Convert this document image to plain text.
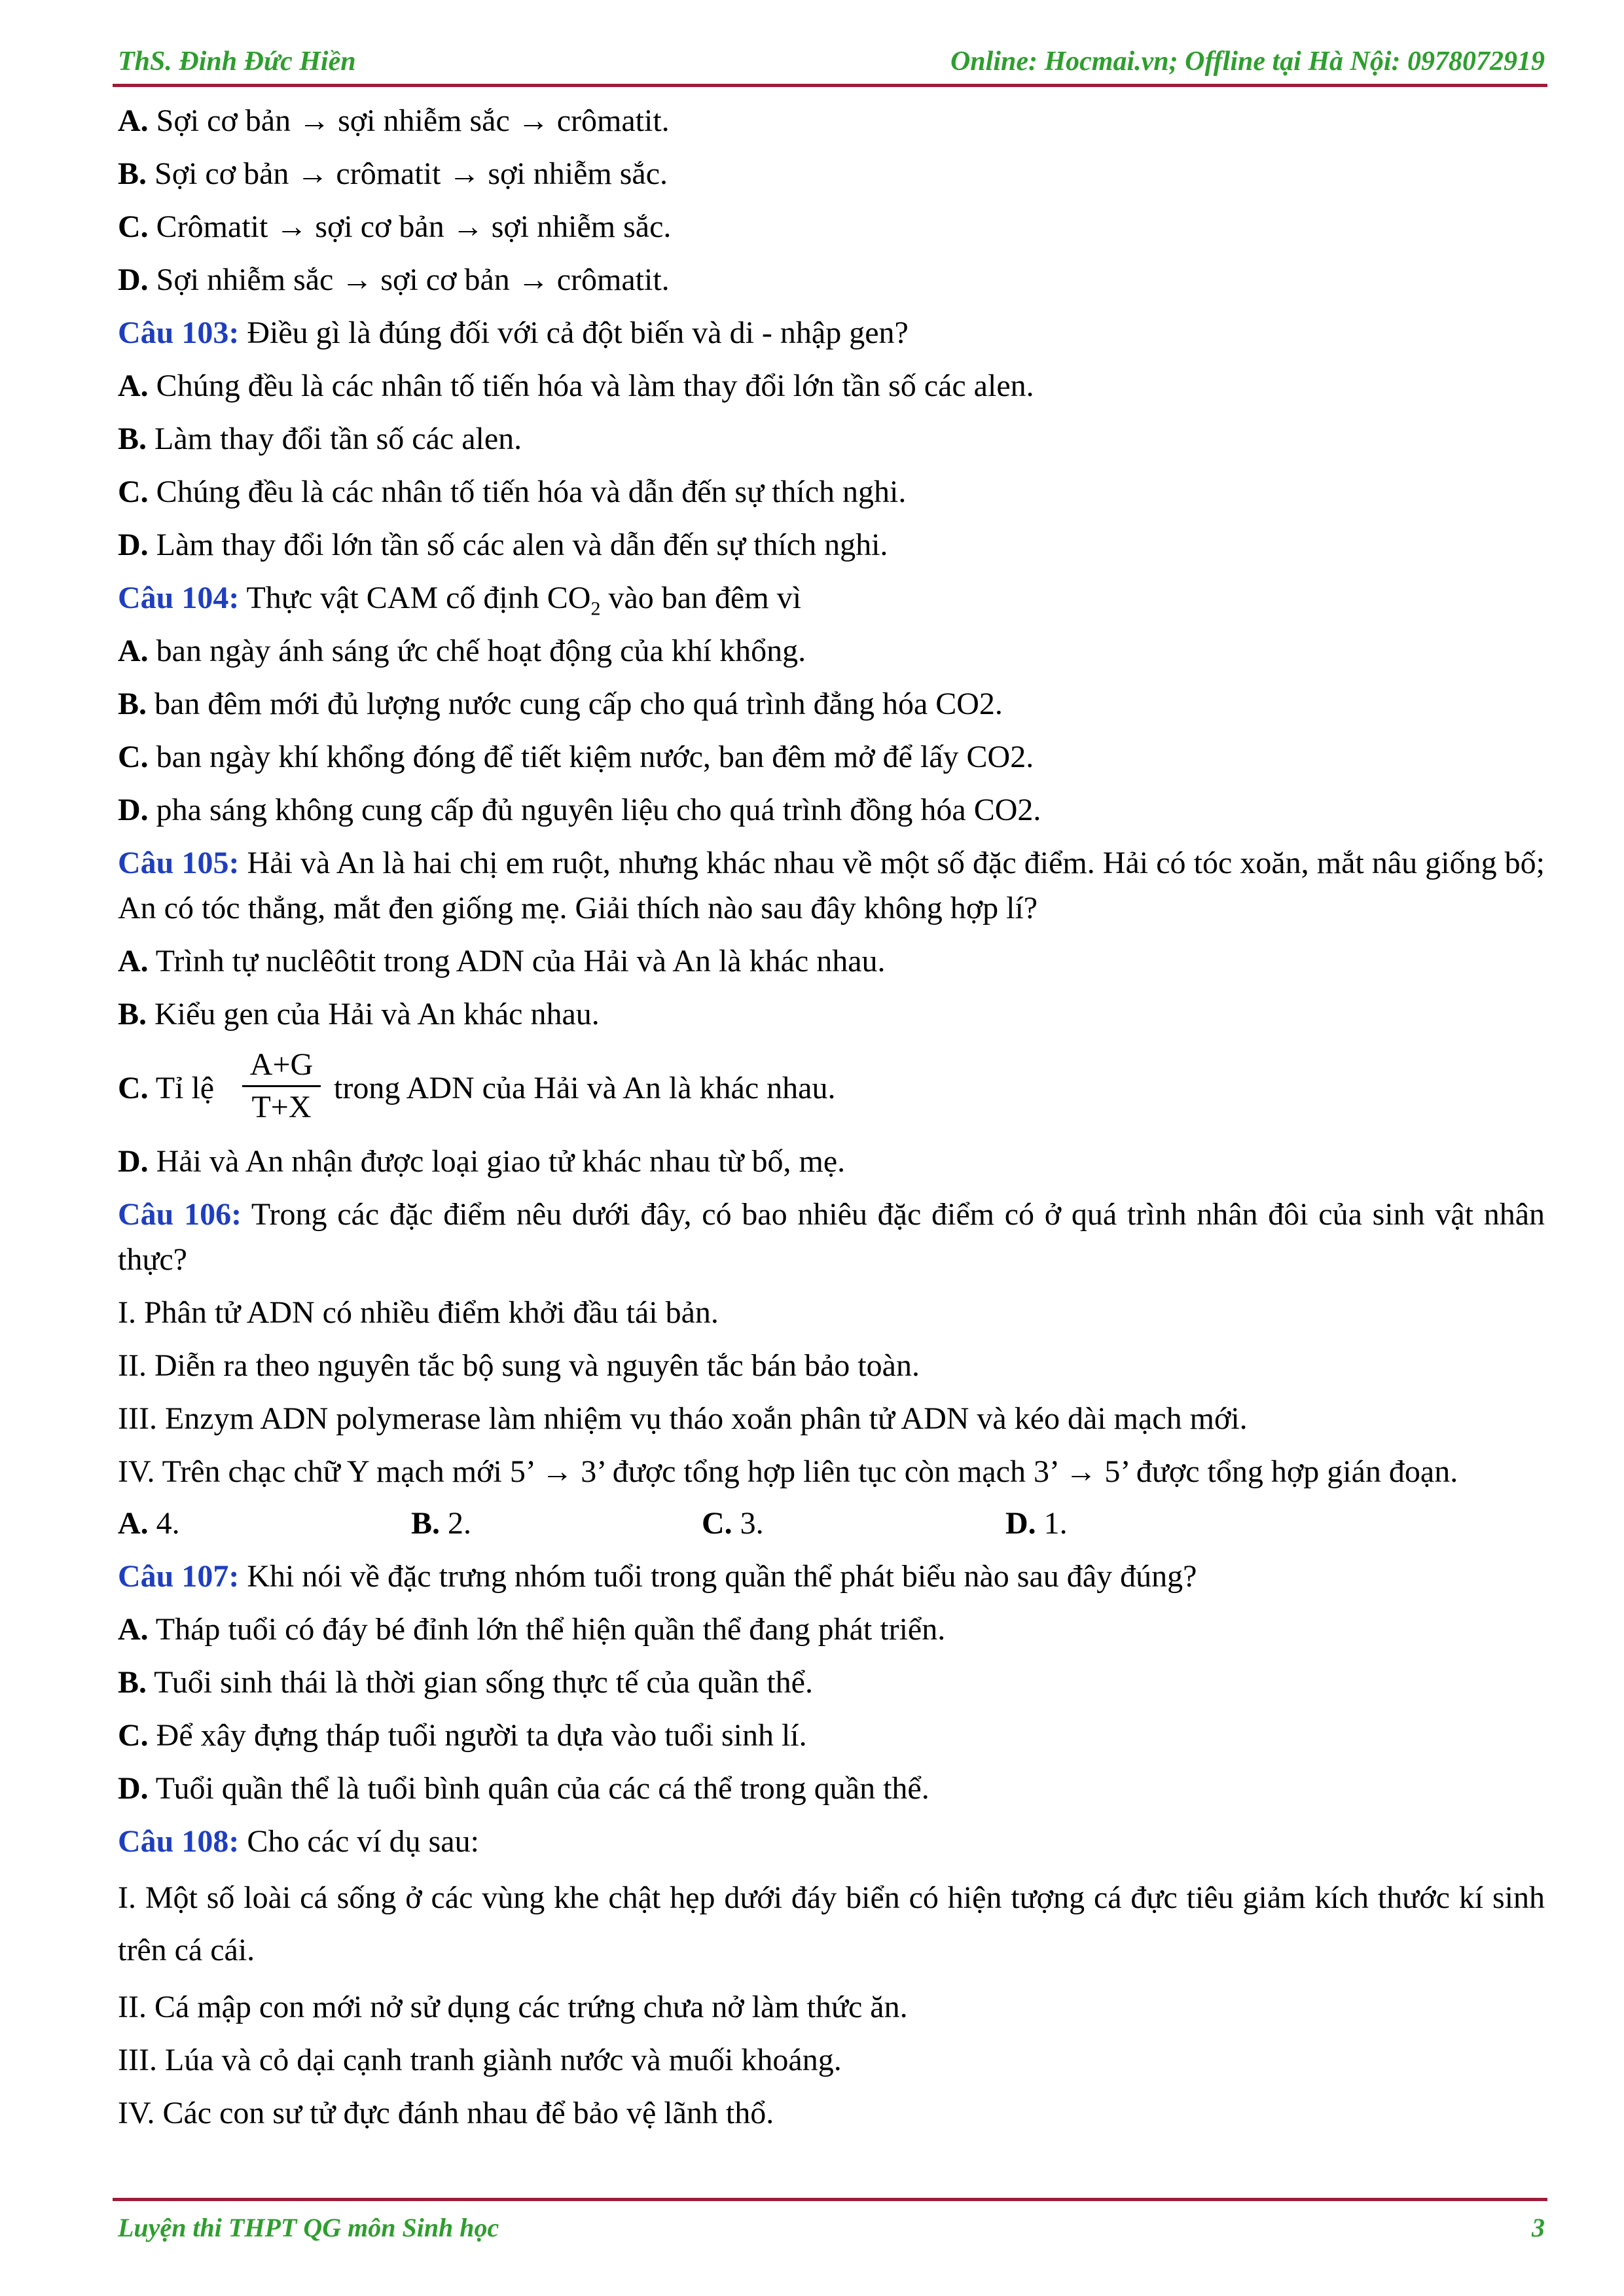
ThS. Đinh Đức Hiền	Online: Hocmai.vn; Offline tại Hà Nội: 0978072919

A. Sợi cơ bản → sợi nhiễm sắc → crômatit.

B. Sợi cơ bản → crômatit → sợi nhiễm sắc.

C. Crômatit → sợi cơ bản → sợi nhiễm sắc.

D. Sợi nhiễm sắc → sợi cơ bản → crômatit.

Câu 103: Điều gì là đúng đối với cả đột biến và di - nhập gen?

A. Chúng đều là các nhân tố tiến hóa và làm thay đổi lớn tần số các alen.

B. Làm thay đổi tần số các alen.

C. Chúng đều là các nhân tố tiến hóa và dẫn đến sự thích nghi.

D. Làm thay đổi lớn tần số các alen và dẫn đến sự thích nghi.

Câu 104: Thực vật CAM cố định $CO_2$ vào ban đêm vì

A. ban ngày ánh sáng ức chế hoạt động của khí khổng.

B. ban đêm mới đủ lượng nước cung cấp cho quá trình đẳng hóa CO2.

C. ban ngày khí khổng đóng để tiết kiệm nước, ban đêm mở để lấy CO2.

D. pha sáng không cung cấp đủ nguyên liệu cho quá trình đồng hóa CO2.

Câu 105: Hải và An là hai chị em ruột, nhưng khác nhau về một số đặc điểm. Hải có tóc xoăn, mắt nâu giống bố; An có tóc thẳng, mắt đen giống mẹ. Giải thích nào sau đây không hợp lí?

A. Trình tự nuclêôtit trong ADN của Hải và An là khác nhau.

B. Kiểu gen của Hải và An khác nhau.

C. Tỉ lệ
A+G
T+X
trong ADN của Hải và An là khác nhau.

D. Hải và An nhận được loại giao tử khác nhau từ bố, mẹ.

Câu 106: Trong các đặc điểm nêu dưới đây, có bao nhiêu đặc điểm có ở quá trình nhân đôi của sinh vật nhân thực?

I. Phân tử ADN có nhiều điểm khởi đầu tái bản.

II. Diễn ra theo nguyên tắc bộ sung và nguyên tắc bán bảo toàn.

III. Enzym ADN polymerase làm nhiệm vụ tháo xoắn phân tử ADN và kéo dài mạch mới.

IV. Trên chạc chữ Y mạch mới 5’ → 3’ được tổng hợp liên tục còn mạch 3’ → 5’ được tổng hợp gián đoạn.

A. 4.	B. 2.	C. 3.	D. 1.

Câu 107: Khi nói về đặc trưng nhóm tuổi trong quần thể phát biểu nào sau đây đúng?

A. Tháp tuổi có đáy bé đỉnh lớn thể hiện quần thể đang phát triển.

B. Tuổi sinh thái là thời gian sống thực tế của quần thể.

C. Để xây đựng tháp tuổi người ta dựa vào tuổi sinh lí.

D. Tuổi quần thể là tuổi bình quân của các cá thể trong quần thể.

Câu 108: Cho các ví dụ sau:

I. Một số loài cá sống ở các vùng khe chật hẹp dưới đáy biển có hiện tượng cá đực tiêu giảm kích thước kí sinh trên cá cái.

II. Cá mập con mới nở sử dụng các trứng chưa nở làm thức ăn.

III. Lúa và cỏ dại cạnh tranh giành nước và muối khoáng.

IV. Các con sư tử đực đánh nhau để bảo vệ lãnh thổ.

Luyện thi THPT QG môn Sinh học	3
